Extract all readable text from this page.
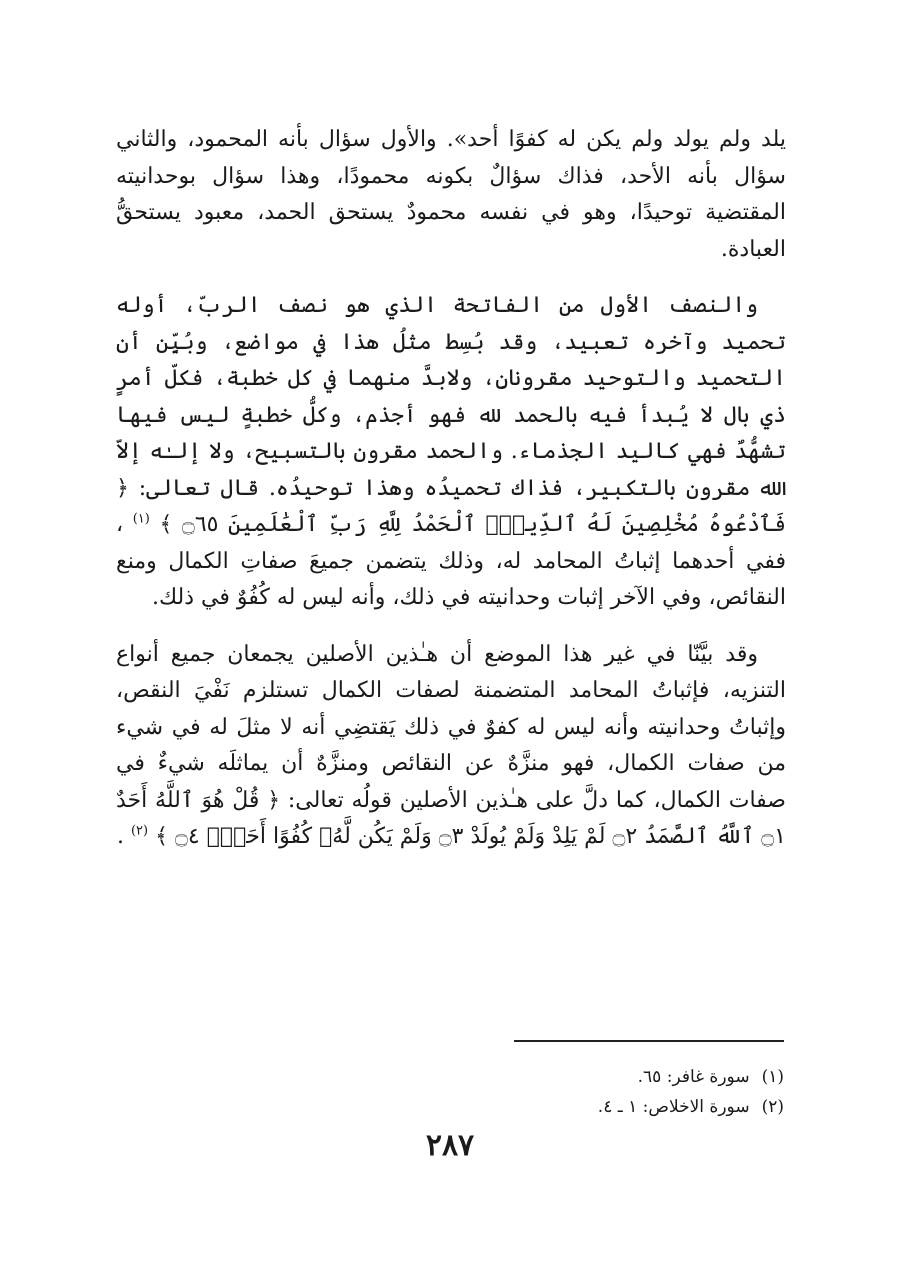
يلد ولم يولد ولم يكن له كفوًا أحد». والأول سؤال بأنه المحمود، والثاني سؤال بأنه الأحد، فذاك سؤالٌ بكونه محمودًا، وهذا سؤال بوحدانيته المقتضية توحيدًا، وهو في نفسه محمودٌ يستحق الحمد، معبود يستحقُّ العبادة.

والنصف الأول من الفاتحة الذي هو نصف الربّ، أوله تحميد وآخره تعبيد، وقد بُسِط مثلُ هذا في مواضع، وبُيِّن أن التحميد والتوحيد مقرونانِ، ولابدَّ منهما في كل خطبة، فكلّ أمرٍ ذي بال لا يُبدأ فيه بالحمد لله فهو أجذم، وكلُّ خطبةٍ ليس فيها تشهُّدٌ فهي كاليد الجذماء. والحمد مقرون بالتسبيح، ولا إلـٰه إلاّ الله مقرون بالتكبير، فذاك تحميدُه وهذا توحيدُه. قال تعالى: ﴿ فَٱدْعُوهُ مُخْلِصِينَ لَهُ ٱلدِّينَۗ ٱلْحَمْدُ لِلَّهِ رَبِّ ٱلْعَٰلَمِينَ ۝٦٥ ﴾ $^{(١)}$ ، ففي أحدهما إثباتُ المحامد له، وذلك يتضمن جميعَ صفاتِ الكمال ومنع النقائص، وفي الآخر إثبات وحدانيته في ذلك، وأنه ليس له كُفُوٌ في ذلك.

وقد بيَّنّا في غير هذا الموضع أن هـٰذين الأصلين يجمعان جميع أنواع التنزيه، فإثباتُ المحامد المتضمنة لصفات الكمال تستلزم نَفْيَ النقص، وإثباتُ وحدانيته وأنه ليس له كفوٌ في ذلك يَقتضِي أنه لا مثلَ له في شيء من صفات الكمال، فهو منزَّهٌ عن النقائص ومنزَّهٌ أن يماثلَه شيءٌ في صفات الكمال، كما دلَّ على هـٰذين الأصلين قولُه تعالى: ﴿ قُلْ هُوَ ٱللَّهُ أَحَدٌ ۝١ ٱللَّهُ ٱلصَّمَدُ ۝٢ لَمْ يَلِدْ وَلَمْ يُولَدْ ۝٣ وَلَمْ يَكُن لَّهُۥ كُفُوًا أَحَدٌۢ ۝٤ ﴾ $^{(٢)}$ .

(١)سورة غافر: ٦٥.
(٢)سورة الاخلاص: ١ ـ ٤.
٢٨٧
